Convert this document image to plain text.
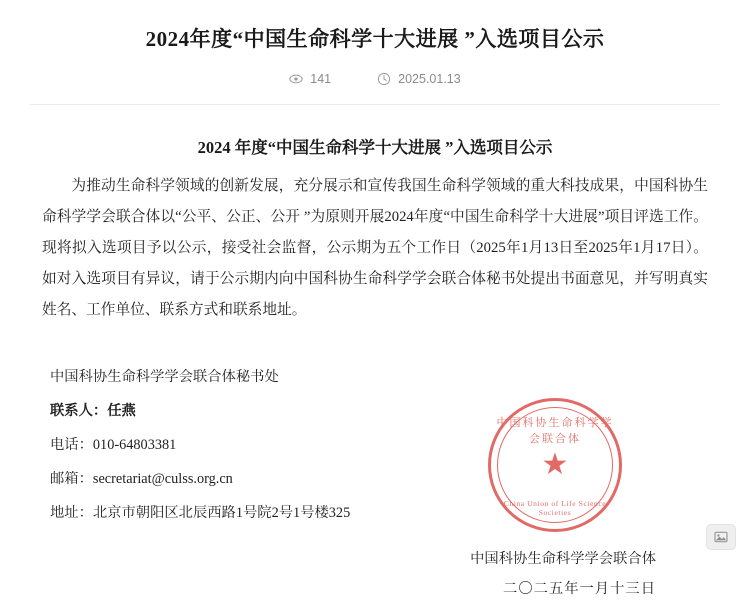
2024年度“中国生命科学十大进展 ”入选项目公示
141	2025.01.13
2024 年度“中国生命科学十大进展 ”入选项目公示

为推动生命科学领域的创新发展，充分展示和宣传我国生命科学领域的重大科技成果，中国科协生命科学学会联合体以“公平、公正、公开 ”为原则开展2024年度“中国生命科学十大进展”项目评选工作。现将拟入选项目予以公示，接受社会监督，公示期为五个工作日（2025年1月13日至2025年1月17日）。如对入选项目有异议，请于公示期内向中国科协生命科学学会联合体秘书处提出书面意见，并写明真实姓名、工作单位、联系方式和联系地址。

中国科协生命科学学会联合体秘书处
联系人：任燕
电话：010-64803381
邮箱：secretariat@culss.org.cn
地址：北京市朝阳区北辰西路1号院2号1号楼325
中国科协生命科学学会联合体
二〇二五年一月十三日
中国科协生命科学学会联合体
★
China Union of Life Science Societies
